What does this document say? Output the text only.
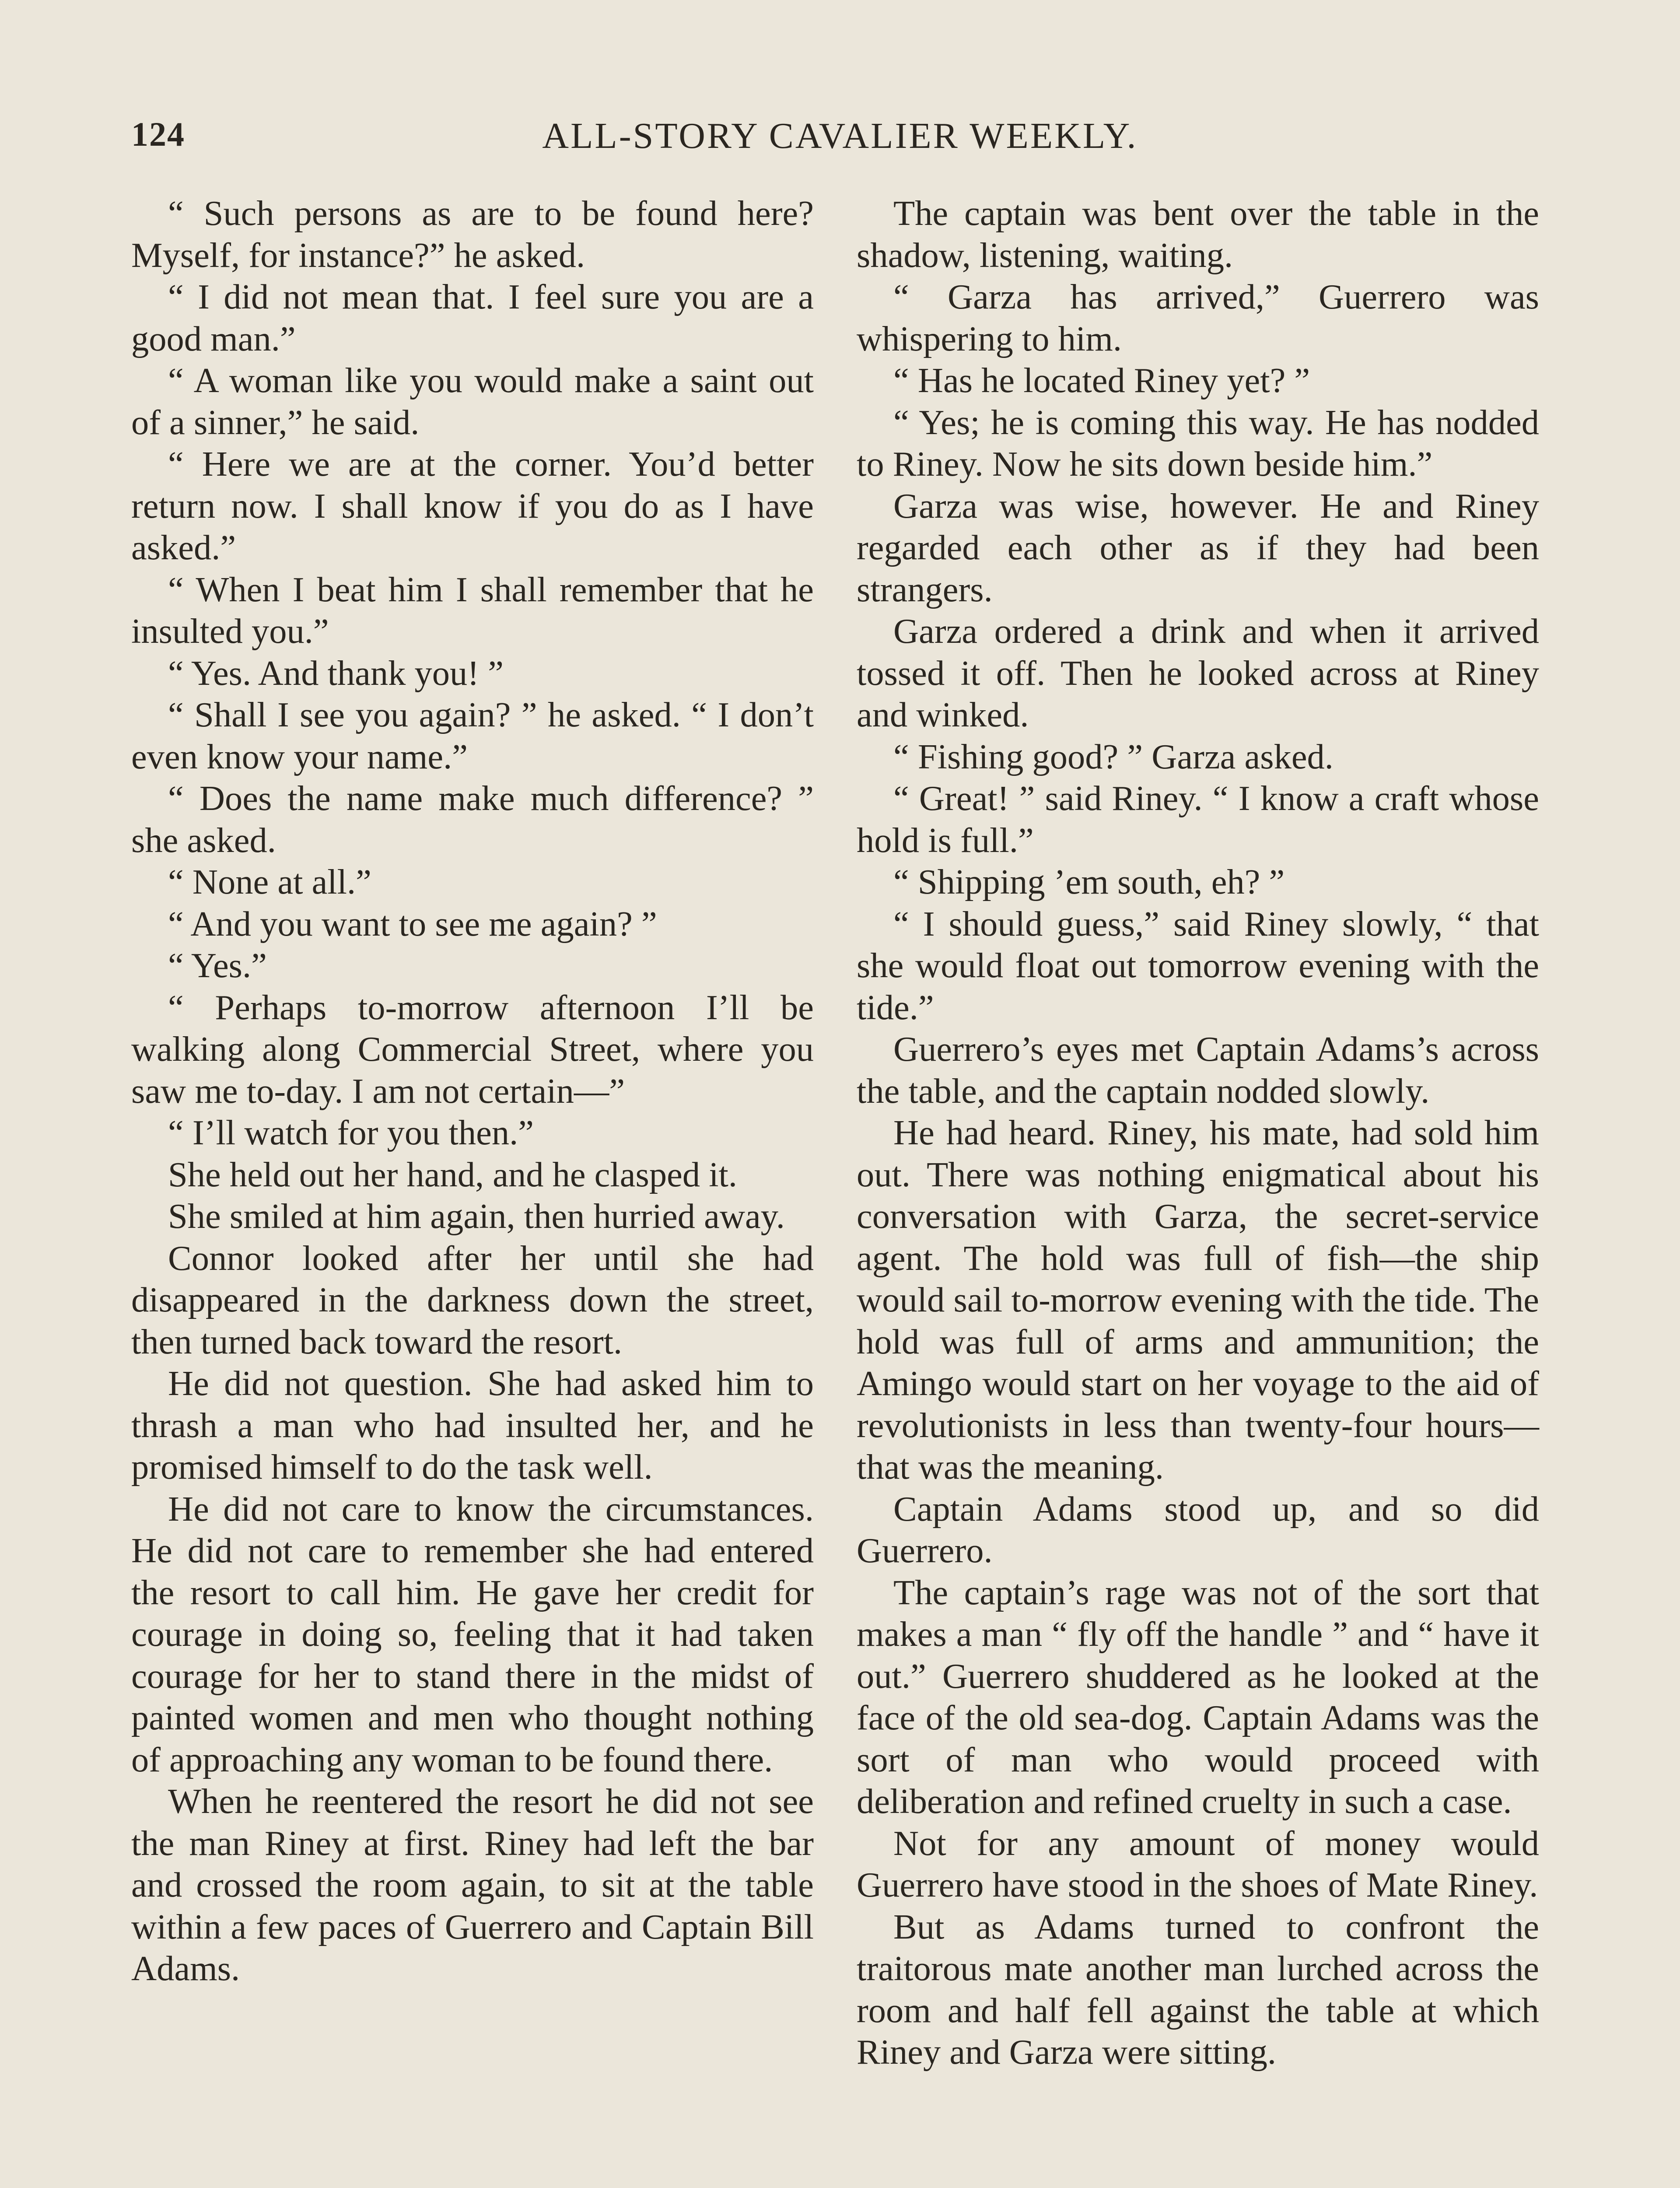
124	ALL-STORY CAVALIER WEEKLY.

“ Such persons as are to be found here? Myself, for instance?” he asked.

“ I did not mean that. I feel sure you are a good man.”

“ A woman like you would make a saint out of a sinner,” he said.

“ Here we are at the corner. You’d better return now. I shall know if you do as I have asked.”

“ When I beat him I shall remember that he insulted you.”

“ Yes. And thank you! ”

“ Shall I see you again? ” he asked. “ I don’t even know your name.”

“ Does the name make much difference? ” she asked.

“ None at all.”

“ And you want to see me again? ”

“ Yes.”

“ Perhaps to-morrow afternoon I’ll be walking along Commercial Street, where you saw me to-day. I am not certain—”

“ I’ll watch for you then.”

She held out her hand, and he clasped it.

She smiled at him again, then hurried away.

Connor looked after her until she had disappeared in the darkness down the street, then turned back toward the resort.

He did not question. She had asked him to thrash a man who had insulted her, and he promised himself to do the task well.

He did not care to know the circumstances. He did not care to remember she had entered the resort to call him. He gave her credit for courage in doing so, feeling that it had taken courage for her to stand there in the midst of painted women and men who thought nothing of approaching any woman to be found there.

When he reentered the resort he did not see the man Riney at first. Riney had left the bar and crossed the room again, to sit at the table within a few paces of Guerrero and Captain Bill Adams.

The captain was bent over the table in the shadow, listening, waiting.

“ Garza has arrived,” Guerrero was whispering to him.

“ Has he located Riney yet? ”

“ Yes; he is coming this way. He has nodded to Riney. Now he sits down beside him.”

Garza was wise, however. He and Riney regarded each other as if they had been strangers.

Garza ordered a drink and when it arrived tossed it off. Then he looked across at Riney and winked.

“ Fishing good? ” Garza asked.

“ Great! ” said Riney. “ I know a craft whose hold is full.”

“ Shipping ’em south, eh? ”

“ I should guess,” said Riney slowly, “ that she would float out tomorrow evening with the tide.”

Guerrero’s eyes met Captain Adams’s across the table, and the captain nodded slowly.

He had heard. Riney, his mate, had sold him out. There was nothing enigmatical about his conversation with Garza, the secret-service agent. The hold was full of fish—the ship would sail to-morrow evening with the tide. The hold was full of arms and ammunition; the Amingo would start on her voyage to the aid of revolutionists in less than twenty-four hours—that was the meaning.

Captain Adams stood up, and so did Guerrero.

The captain’s rage was not of the sort that makes a man “ fly off the handle ” and “ have it out.” Guerrero shuddered as he looked at the face of the old sea-dog. Captain Adams was the sort of man who would proceed with deliberation and refined cruelty in such a case.

Not for any amount of money would Guerrero have stood in the shoes of Mate Riney.

But as Adams turned to confront the traitorous mate another man lurched across the room and half fell against the table at which Riney and Garza were sitting.
